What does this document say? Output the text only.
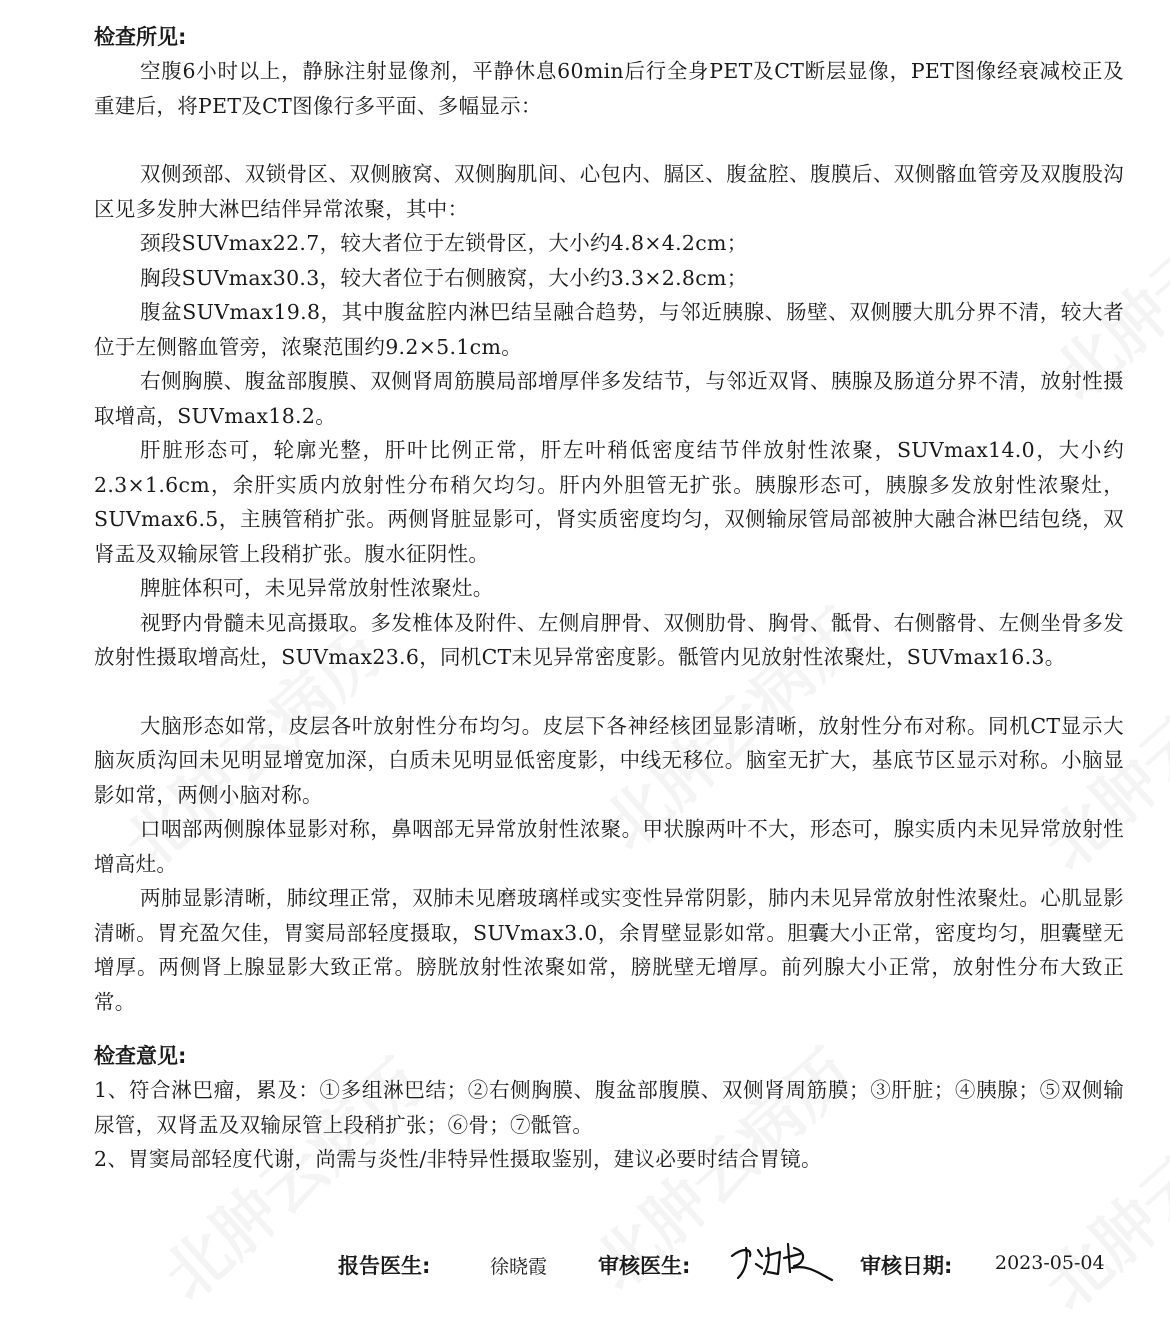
检查所见:

空腹6小时以上，静脉注射显像剂，平静休息60min后行全身PET及CT断层显像，PET图像经衰减校正及重建后，将PET及CT图像行多平面、多幅显示：

双侧颈部、双锁骨区、双侧腋窝、双侧胸肌间、心包内、膈区、腹盆腔、腹膜后、双侧髂血管旁及双腹股沟区见多发肿大淋巴结伴异常浓聚，其中：

颈段SUVmax22.7，较大者位于左锁骨区，大小约4.8×4.2cm；

胸段SUVmax30.3，较大者位于右侧腋窝，大小约3.3×2.8cm；

腹盆SUVmax19.8，其中腹盆腔内淋巴结呈融合趋势，与邻近胰腺、肠壁、双侧腰大肌分界不清，较大者位于左侧髂血管旁，浓聚范围约9.2×5.1cm。

右侧胸膜、腹盆部腹膜、双侧肾周筋膜局部增厚伴多发结节，与邻近双肾、胰腺及肠道分界不清，放射性摄取增高，SUVmax18.2。

肝脏形态可，轮廓光整，肝叶比例正常，肝左叶稍低密度结节伴放射性浓聚，SUVmax14.0，大小约2.3×1.6cm，余肝实质内放射性分布稍欠均匀。肝内外胆管无扩张。胰腺形态可，胰腺多发放射性浓聚灶，SUVmax6.5，主胰管稍扩张。两侧肾脏显影可，肾实质密度均匀，双侧输尿管局部被肿大融合淋巴结包绕，双肾盂及双输尿管上段稍扩张。腹水征阴性。

脾脏体积可，未见异常放射性浓聚灶。

视野内骨髓未见高摄取。多发椎体及附件、左侧肩胛骨、双侧肋骨、胸骨、骶骨、右侧髂骨、左侧坐骨多发放射性摄取增高灶，SUVmax23.6，同机CT未见异常密度影。骶管内见放射性浓聚灶，SUVmax16.3。

大脑形态如常，皮层各叶放射性分布均匀。皮层下各神经核团显影清晰，放射性分布对称。同机CT显示大脑灰质沟回未见明显增宽加深，白质未见明显低密度影，中线无移位。脑室无扩大，基底节区显示对称。小脑显影如常，两侧小脑对称。

口咽部两侧腺体显影对称，鼻咽部无异常放射性浓聚。甲状腺两叶不大，形态可，腺实质内未见异常放射性增高灶。

两肺显影清晰，肺纹理正常，双肺未见磨玻璃样或实变性异常阴影，肺内未见异常放射性浓聚灶。心肌显影清晰。胃充盈欠佳，胃窦局部轻度摄取，SUVmax3.0，余胃壁显影如常。胆囊大小正常，密度均匀，胆囊壁无增厚。两侧肾上腺显影大致正常。膀胱放射性浓聚如常，膀胱壁无增厚。前列腺大小正常，放射性分布大致正常。

检查意见:

1、符合淋巴瘤，累及：①多组淋巴结；②右侧胸膜、腹盆部腹膜、双侧肾周筋膜；③肝脏；④胰腺；⑤双侧输尿管，双肾盂及双输尿管上段稍扩张；⑥骨；⑦骶管。

2、胃窦局部轻度代谢，尚需与炎性/非特异性摄取鉴别，建议必要时结合胃镜。

报告医生:	徐晓霞 审核医生:	审核日期: 2023-05-04
